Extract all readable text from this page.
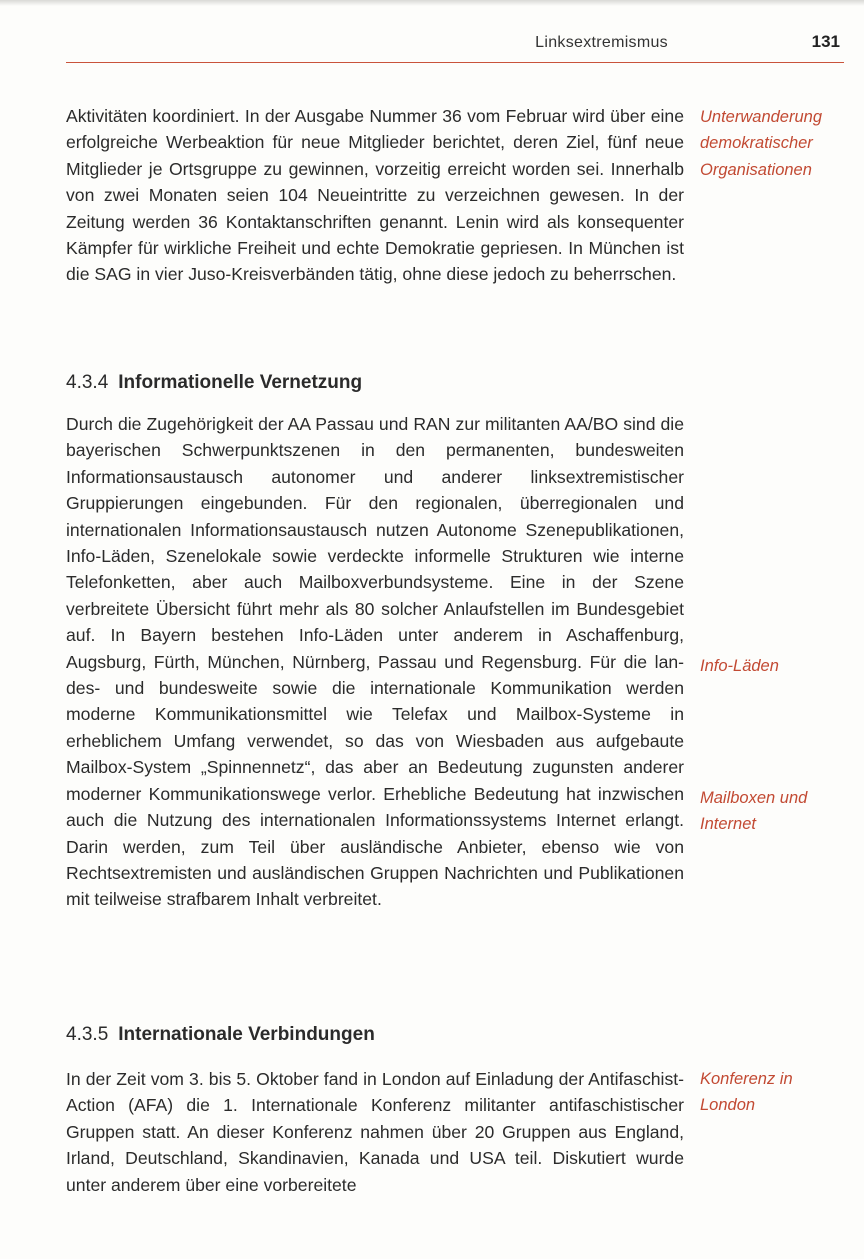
Linksextremismus	131

Aktivitäten koordiniert. In der Ausgabe Nummer 36 vom Februar wird über eine erfolgreiche Werbeaktion für neue Mitglieder berichtet, deren Ziel, fünf neue Mitglieder je Ortsgruppe zu gewinnen, vorzeitig erreicht worden sei. Innerhalb von zwei Monaten seien 104 Neueintritte zu verzeichnen gewesen. In der Zeitung werden 36 Kontaktanschriften genannt. Lenin wird als konsequenter Kämpfer für wirkliche Freiheit und echte Demokratie gepriesen. In München ist die SAG in vier Juso-Kreisverbänden tätig, ohne diese jedoch zu beherrschen.

Unterwanderung
demokratischer
Organisationen
4.3.4 Informationelle Vernetzung

Durch die Zugehörigkeit der AA Passau und RAN zur militanten AA/BO sind die bayerischen Schwerpunktszenen in den permanenten, bundesweiten Informationsaustausch autonomer und anderer linksextremistischer Gruppierungen eingebunden. Für den regionalen, überregionalen und internationalen Informationsaustausch nutzen Autonome Szenepublikationen, Info-Läden, Szenelokale sowie verdeckte informelle Strukturen wie interne Telefonketten, aber auch Mailboxverbundsysteme. Eine in der Szene verbreitete Übersicht führt mehr als 80 solcher Anlaufstellen im Bundesgebiet auf. In Bayern bestehen Info-Läden unter anderem in Aschaffenburg, Augsburg, Fürth, München, Nürnberg, Passau und Regensburg. Für die landes- und bundesweite sowie die internationale Kommunikation werden moderne Kommunikationsmittel wie Telefax und Mailbox-Systeme in erheblichem Umfang verwendet, so das von Wiesbaden aus aufgebaute Mailbox-System „Spinnennetz“, das aber an Bedeutung zugunsten anderer moderner Kommunikationswege verlor. Erhebliche Bedeutung hat inzwischen auch die Nutzung des internationalen Informationssystems Internet erlangt. Darin werden, zum Teil über ausländische Anbieter, ebenso wie von Rechtsextremisten und ausländischen Gruppen Nachrichten und Publikationen mit teilweise strafbarem Inhalt verbreitet.

Info-Läden
Mailboxen und
Internet
4.3.5 Internationale Verbindungen

In der Zeit vom 3. bis 5. Oktober fand in London auf Einladung der Antifaschist-Action (AFA) die 1. Internationale Konferenz militanter antifaschistischer Gruppen statt. An dieser Konferenz nahmen über 20 Gruppen aus England, Irland, Deutschland, Skandinavien, Kanada und USA teil. Diskutiert wurde unter anderem über eine vorbereitete

Konferenz in
London
